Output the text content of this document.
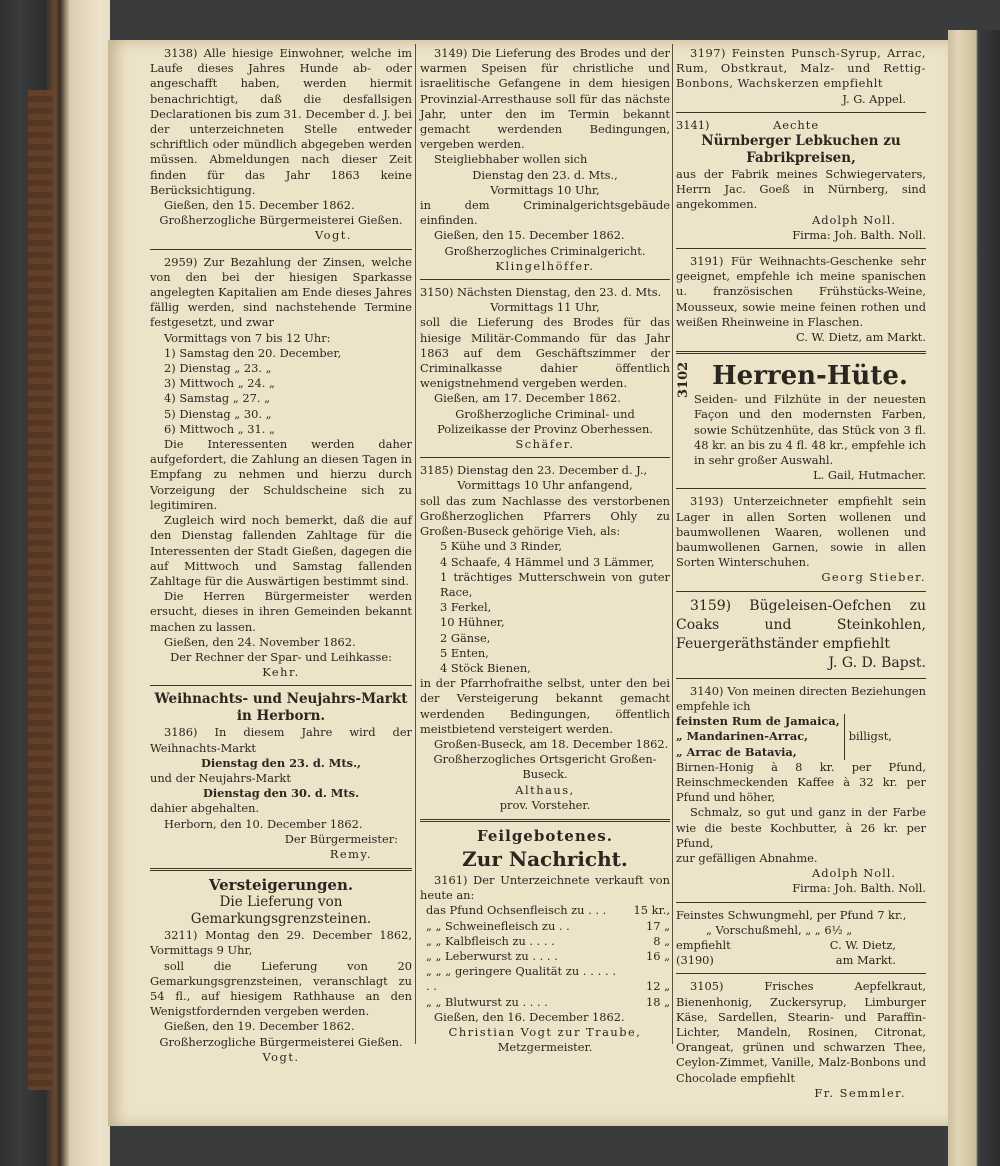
3138) Alle hiesige Einwohner, welche im Laufe dieses Jahres Hunde ab- oder angeschafft haben, werden hiermit benachrichtigt, daß die desfallsigen Declarationen bis zum 31. December d. J. bei der unterzeichneten Stelle entweder schriftlich oder mündlich abgegeben werden müssen. Abmeldungen nach dieser Zeit finden für das Jahr 1863 keine Berücksichtigung.

Gießen, den 15. December 1862.

Großherzogliche Bürgermeisterei Gießen.

Vogt.

2959) Zur Bezahlung der Zinsen, welche von den bei der hiesigen Sparkasse angelegten Kapitalien am Ende dieses Jahres fällig werden, sind nachstehende Termine festgesetzt, und zwar

Vormittags von 7 bis 12 Uhr:

1) Samstag den 20. December,

2) Dienstag „ 23. „

3) Mittwoch „ 24. „

4) Samstag „ 27. „

5) Dienstag „ 30. „

6) Mittwoch „ 31. „

Die Interessenten werden daher aufgefordert, die Zahlung an diesen Tagen in Empfang zu nehmen und hierzu durch Vorzeigung der Schuldscheine sich zu legitimiren.

Zugleich wird noch bemerkt, daß die auf den Dienstag fallenden Zahltage für die Interessenten der Stadt Gießen, dagegen die auf Mittwoch und Samstag fallenden Zahltage für die Auswärtigen bestimmt sind.

Die Herren Bürgermeister werden ersucht, dieses in ihren Gemeinden bekannt machen zu lassen.

Gießen, den 24. November 1862.

Der Rechner der Spar- und Leihkasse:

Kehr.

Weihnachts- und Neujahrs-Markt in Herborn.

3186) In diesem Jahre wird der Weihnachts-Markt

Dienstag den 23. d. Mts.,

und der Neujahrs-Markt

Dienstag den 30. d. Mts.

dahier abgehalten.

Herborn, den 10. December 1862.

Der Bürgermeister:

Remy.

Versteigerungen.

Die Lieferung von Gemarkungsgrenzsteinen.

3211) Montag den 29. December 1862, Vormittags 9 Uhr,

soll die Lieferung von 20 Gemarkungsgrenzsteinen, veranschlagt zu 54 fl., auf hiesigem Rathhause an den Wenigstfordernden vergeben werden.

Gießen, den 19. December 1862.

Großherzogliche Bürgermeisterei Gießen.

Vogt.

3149) Die Lieferung des Brodes und der warmen Speisen für christliche und israelitische Gefangene in dem hiesigen Provinzial-Arresthause soll für das nächste Jahr, unter den im Termin bekannt gemacht werdenden Bedingungen, vergeben werden.

Steigliebhaber wollen sich

Dienstag den 23. d. Mts.,

Vormittags 10 Uhr,

in dem Criminalgerichtsgebäude einfinden.

Gießen, den 15. December 1862.

Großherzogliches Criminalgericht.

Klingelhöffer.

3150) Nächsten Dienstag, den 23. d. Mts.

Vormittags 11 Uhr,

soll die Lieferung des Brodes für das hiesige Militär-Commando für das Jahr 1863 auf dem Geschäftszimmer der Criminalkasse dahier öffentlich wenigstnehmend vergeben werden.

Gießen, am 17. December 1862.

Großherzogliche Criminal- und Polizeikasse der Provinz Oberhessen.

Schäfer.

3185) Dienstag den 23. December d. J.,

Vormittags 10 Uhr anfangend,

soll das zum Nachlasse des verstorbenen Großherzoglichen Pfarrers Ohly zu Großen-Buseck gehörige Vieh, als:

5 Kühe und 3 Rinder,

4 Schaafe, 4 Hämmel und 3 Lämmer,

1 trächtiges Mutterschwein von guter Race,

3 Ferkel,

10 Hühner,

2 Gänse,

5 Enten,

4 Stöck Bienen,

in der Pfarrhofraithe selbst, unter den bei der Versteigerung bekannt gemacht werdenden Bedingungen, öffentlich meistbietend versteigert werden.

Großen-Buseck, am 18. December 1862.

Großherzogliches Ortsgericht Großen-Buseck.

Althaus,

prov. Vorsteher.

Feilgebotenes.

Zur Nachricht.

3161) Der Unterzeichnete verkauft von heute an:

das Pfund Ochsenfleisch zu . . . 15 kr.,
„ „ Schweinefleisch zu . .	17 „
„ „ Kalbfleisch zu . . . .	8 „
„ „ Leberwurst zu . . . .	16 „
„ „ „ geringere Qualität zu . . . . . . .	12 „
„ „ Blutwurst zu . . . .	18 „

Gießen, den 16. December 1862.

Christian Vogt zur Traube,

Metzgermeister.

3197) Feinsten Punsch-Syrup, Arrac, Rum, Obstkraut, Malz- und Rettig-Bonbons, Wachskerzen empfiehlt

J. G. Appel.

3141)	Aechte

Nürnberger Lebkuchen zu Fabrikpreisen,

aus der Fabrik meines Schwiegervaters, Herrn Jac. Goeß in Nürnberg, sind angekommen.

Adolph Noll.

Firma: Joh. Balth. Noll.

3191) Für Weihnachts-Geschenke sehr geeignet, empfehle ich meine spanischen u. französischen Frühstücks-Weine, Mousseux, sowie meine feinen rothen und weißen Rheinweine in Flaschen.

C. W. Dietz, am Markt.

3102 Herren-Hüte.

Seiden- und Filzhüte in der neuesten Façon und den modernsten Farben, sowie Schützenhüte, das Stück von 3 fl. 48 kr. an bis zu 4 fl. 48 kr., empfehle ich in sehr großer Auswahl.

L. Gail, Hutmacher.

3193) Unterzeichneter empfiehlt sein Lager in allen Sorten wollenen und baumwollenen Waaren, wollenen und baumwollenen Garnen, sowie in allen Sorten Winterschuhen.

Georg Stieber.

3159) Bügeleisen-Oefchen zu Coaks und Steinkohlen, Feuergeräthständer empfiehlt

J. G. D. Bapst.

3140) Von meinen directen Beziehungen empfehle ich

feinsten Rum de Jamaica,

„ Mandarinen-Arrac,

„ Arrac de Batavia,

billigst,

Birnen-Honig à 8 kr. per Pfund, Reinschmeckenden Kaffee à 32 kr. per Pfund und höher,

Schmalz, so gut und ganz in der Farbe wie die beste Kochbutter, à 26 kr. per Pfund,

zur gefälligen Abnahme.

Adolph Noll.

Firma: Joh. Balth. Noll.

Feinstes Schwungmehl, per Pfund 7 kr.,

„ Vorschußmehl, „ „ 6½ „

empfiehlt	C. W. Dietz,
(3190)	am Markt.

3105) Frisches Aepfelkraut, Bienenhonig, Zuckersyrup, Limburger Käse, Sardellen, Stearin- und Paraffin-Lichter, Mandeln, Rosinen, Citronat, Orangeat, grünen und schwarzen Thee, Ceylon-Zimmet, Vanille, Malz-Bonbons und Chocolade empfiehlt

Fr. Semmler.
